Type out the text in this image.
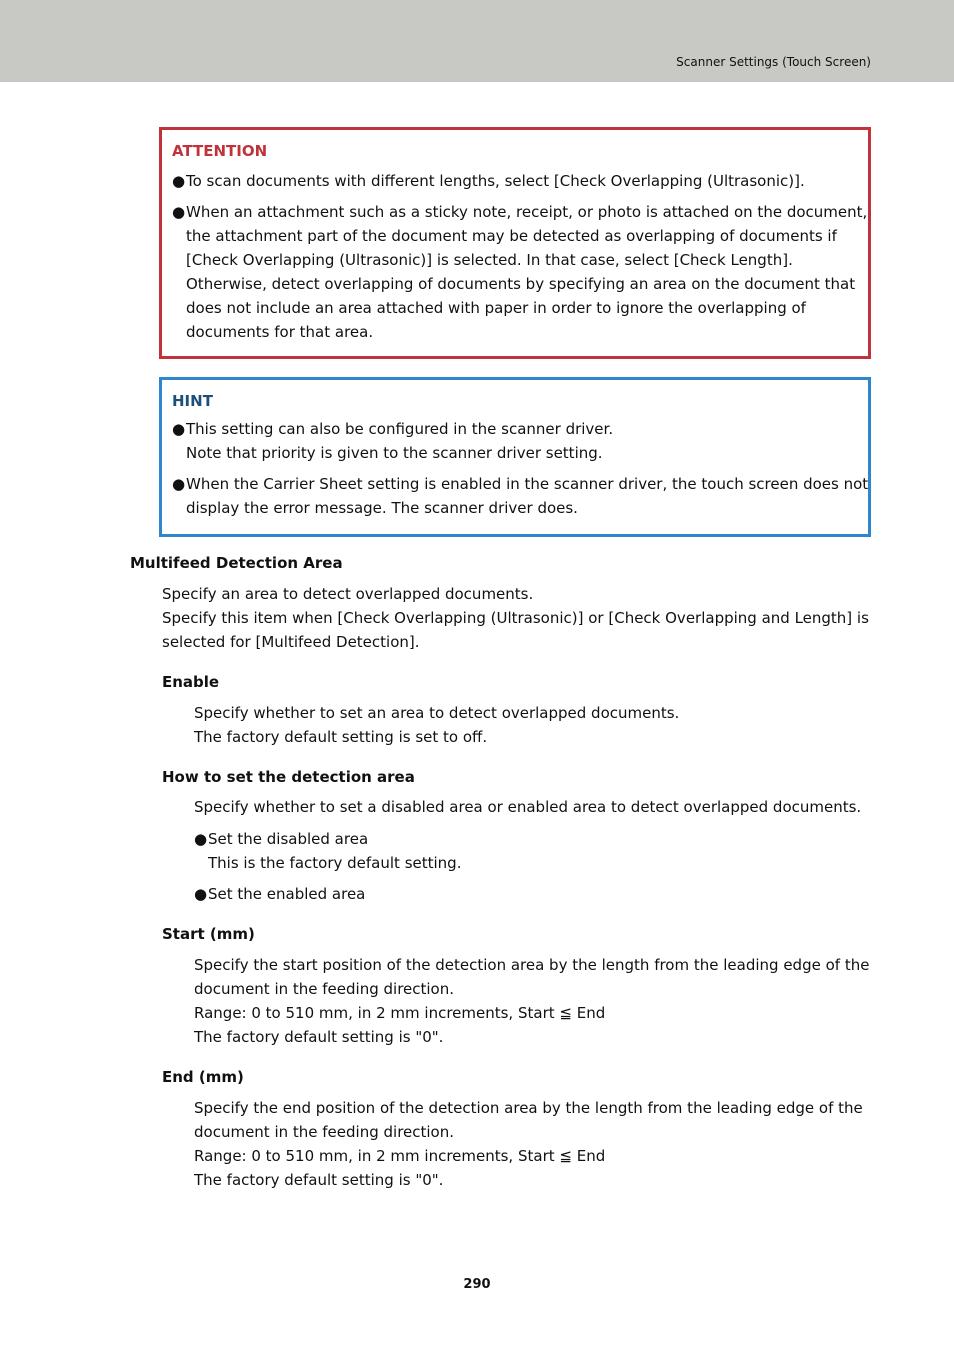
Scanner Settings (Touch Screen)
ATTENTION
● To scan documents with different lengths, select [Check Overlapping (Ultrasonic)].
● When an attachment such as a sticky note, receipt, or photo is attached on the document,
the attachment part of the document may be detected as overlapping of documents if
[Check Overlapping (Ultrasonic)] is selected. In that case, select [Check Length].
Otherwise, detect overlapping of documents by specifying an area on the document that
does not include an area attached with paper in order to ignore the overlapping of
documents for that area.
HINT
● This setting can also be configured in the scanner driver.
Note that priority is given to the scanner driver setting.
● When the Carrier Sheet setting is enabled in the scanner driver, the touch screen does not
display the error message. The scanner driver does.
Multifeed Detection Area
Specify an area to detect overlapped documents.
Specify this item when [Check Overlapping (Ultrasonic)] or [Check Overlapping and Length] is
selected for [Multifeed Detection].
Enable
Specify whether to set an area to detect overlapped documents.
The factory default setting is set to off.
How to set the detection area
Specify whether to set a disabled area or enabled area to detect overlapped documents.
● Set the disabled area
This is the factory default setting.
● Set the enabled area
Start (mm)
Specify the start position of the detection area by the length from the leading edge of the
document in the feeding direction.
Range: 0 to 510 mm, in 2 mm increments, Start ≦ End
The factory default setting is "0".
End (mm)
Specify the end position of the detection area by the length from the leading edge of the
document in the feeding direction.
Range: 0 to 510 mm, in 2 mm increments, Start ≦ End
The factory default setting is "0".
290
